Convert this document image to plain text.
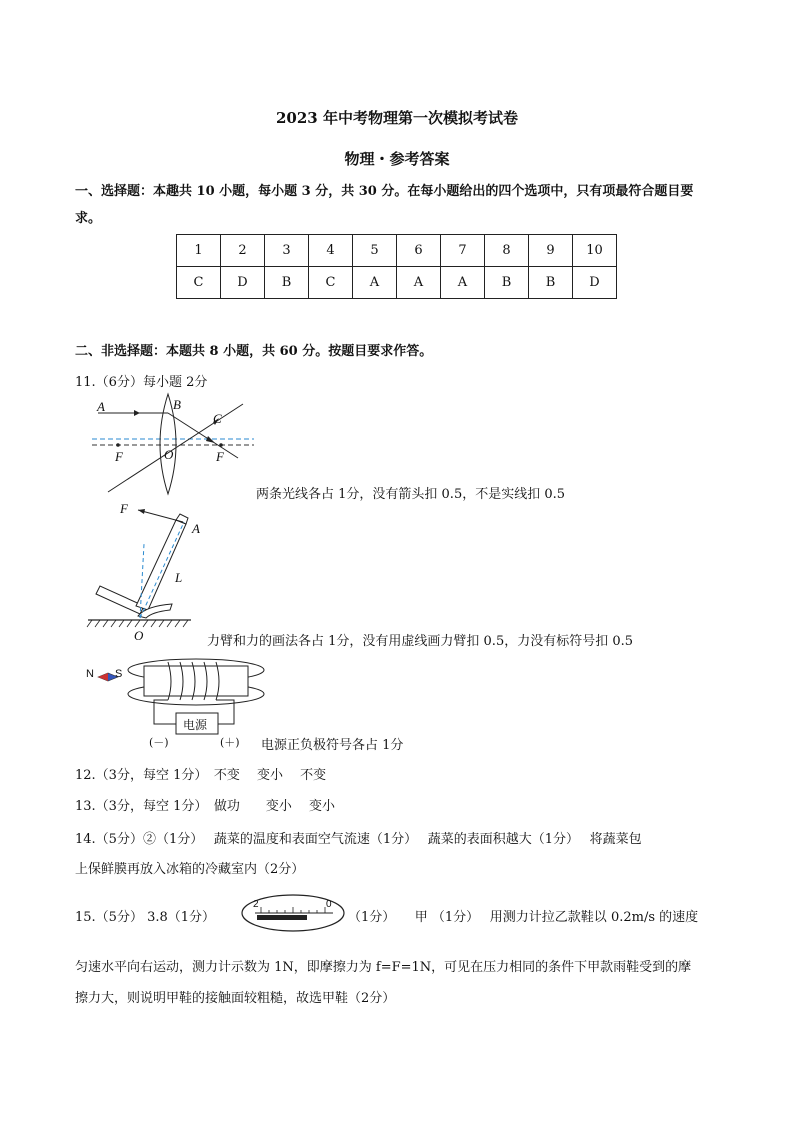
2023 年中考物理第一次模拟考试卷
物理・参考答案
一、选择题：本趣共 10 小题，每小题 3 分，共 30 分。在每小题给出的四个选项中，只有项最符合题目要
求。
1	2	3	4	5	6	7	8	9	10
C	D	B	C	A	A	A	B	B	D
二、非选择题：本题共 8 小题，共 60 分。按题目要求作答。
11.（6分）每小题 2分
A	B
C
F	O	F
两条光线各占 1分，没有箭头扣 0.5，不是实线扣 0.5
F
A
L
O	力臂和力的画法各占 1分，没有用虚线画力臂扣 0.5，力没有标符号扣 0.5
N S
电源
(－)	(＋) 电源正负极符号各占 1分
12.（3分，每空 1分）　不变　 变小　 不变
13.（3分，每空 1分）　做功　　变小　 变小
14.（5分）②（1分）　 蔬菜的温度和表面空气流速（1分）　 蔬菜的表面积越大（1分）　 将蔬菜包
上保鲜膜再放入冰箱的冷藏室内（2分）
15.（5分） 3.8（1分）
2	0
（1分）　　甲 （1分）　 用测力计拉乙款鞋以 0.2m/s 的速度
匀速水平向右运动，测力计示数为 1N，即摩擦力为 f=F=1N，可见在压力相同的条件下甲款雨鞋受到的摩
擦力大，则说明甲鞋的接触面较粗糙，故选甲鞋（2分）
